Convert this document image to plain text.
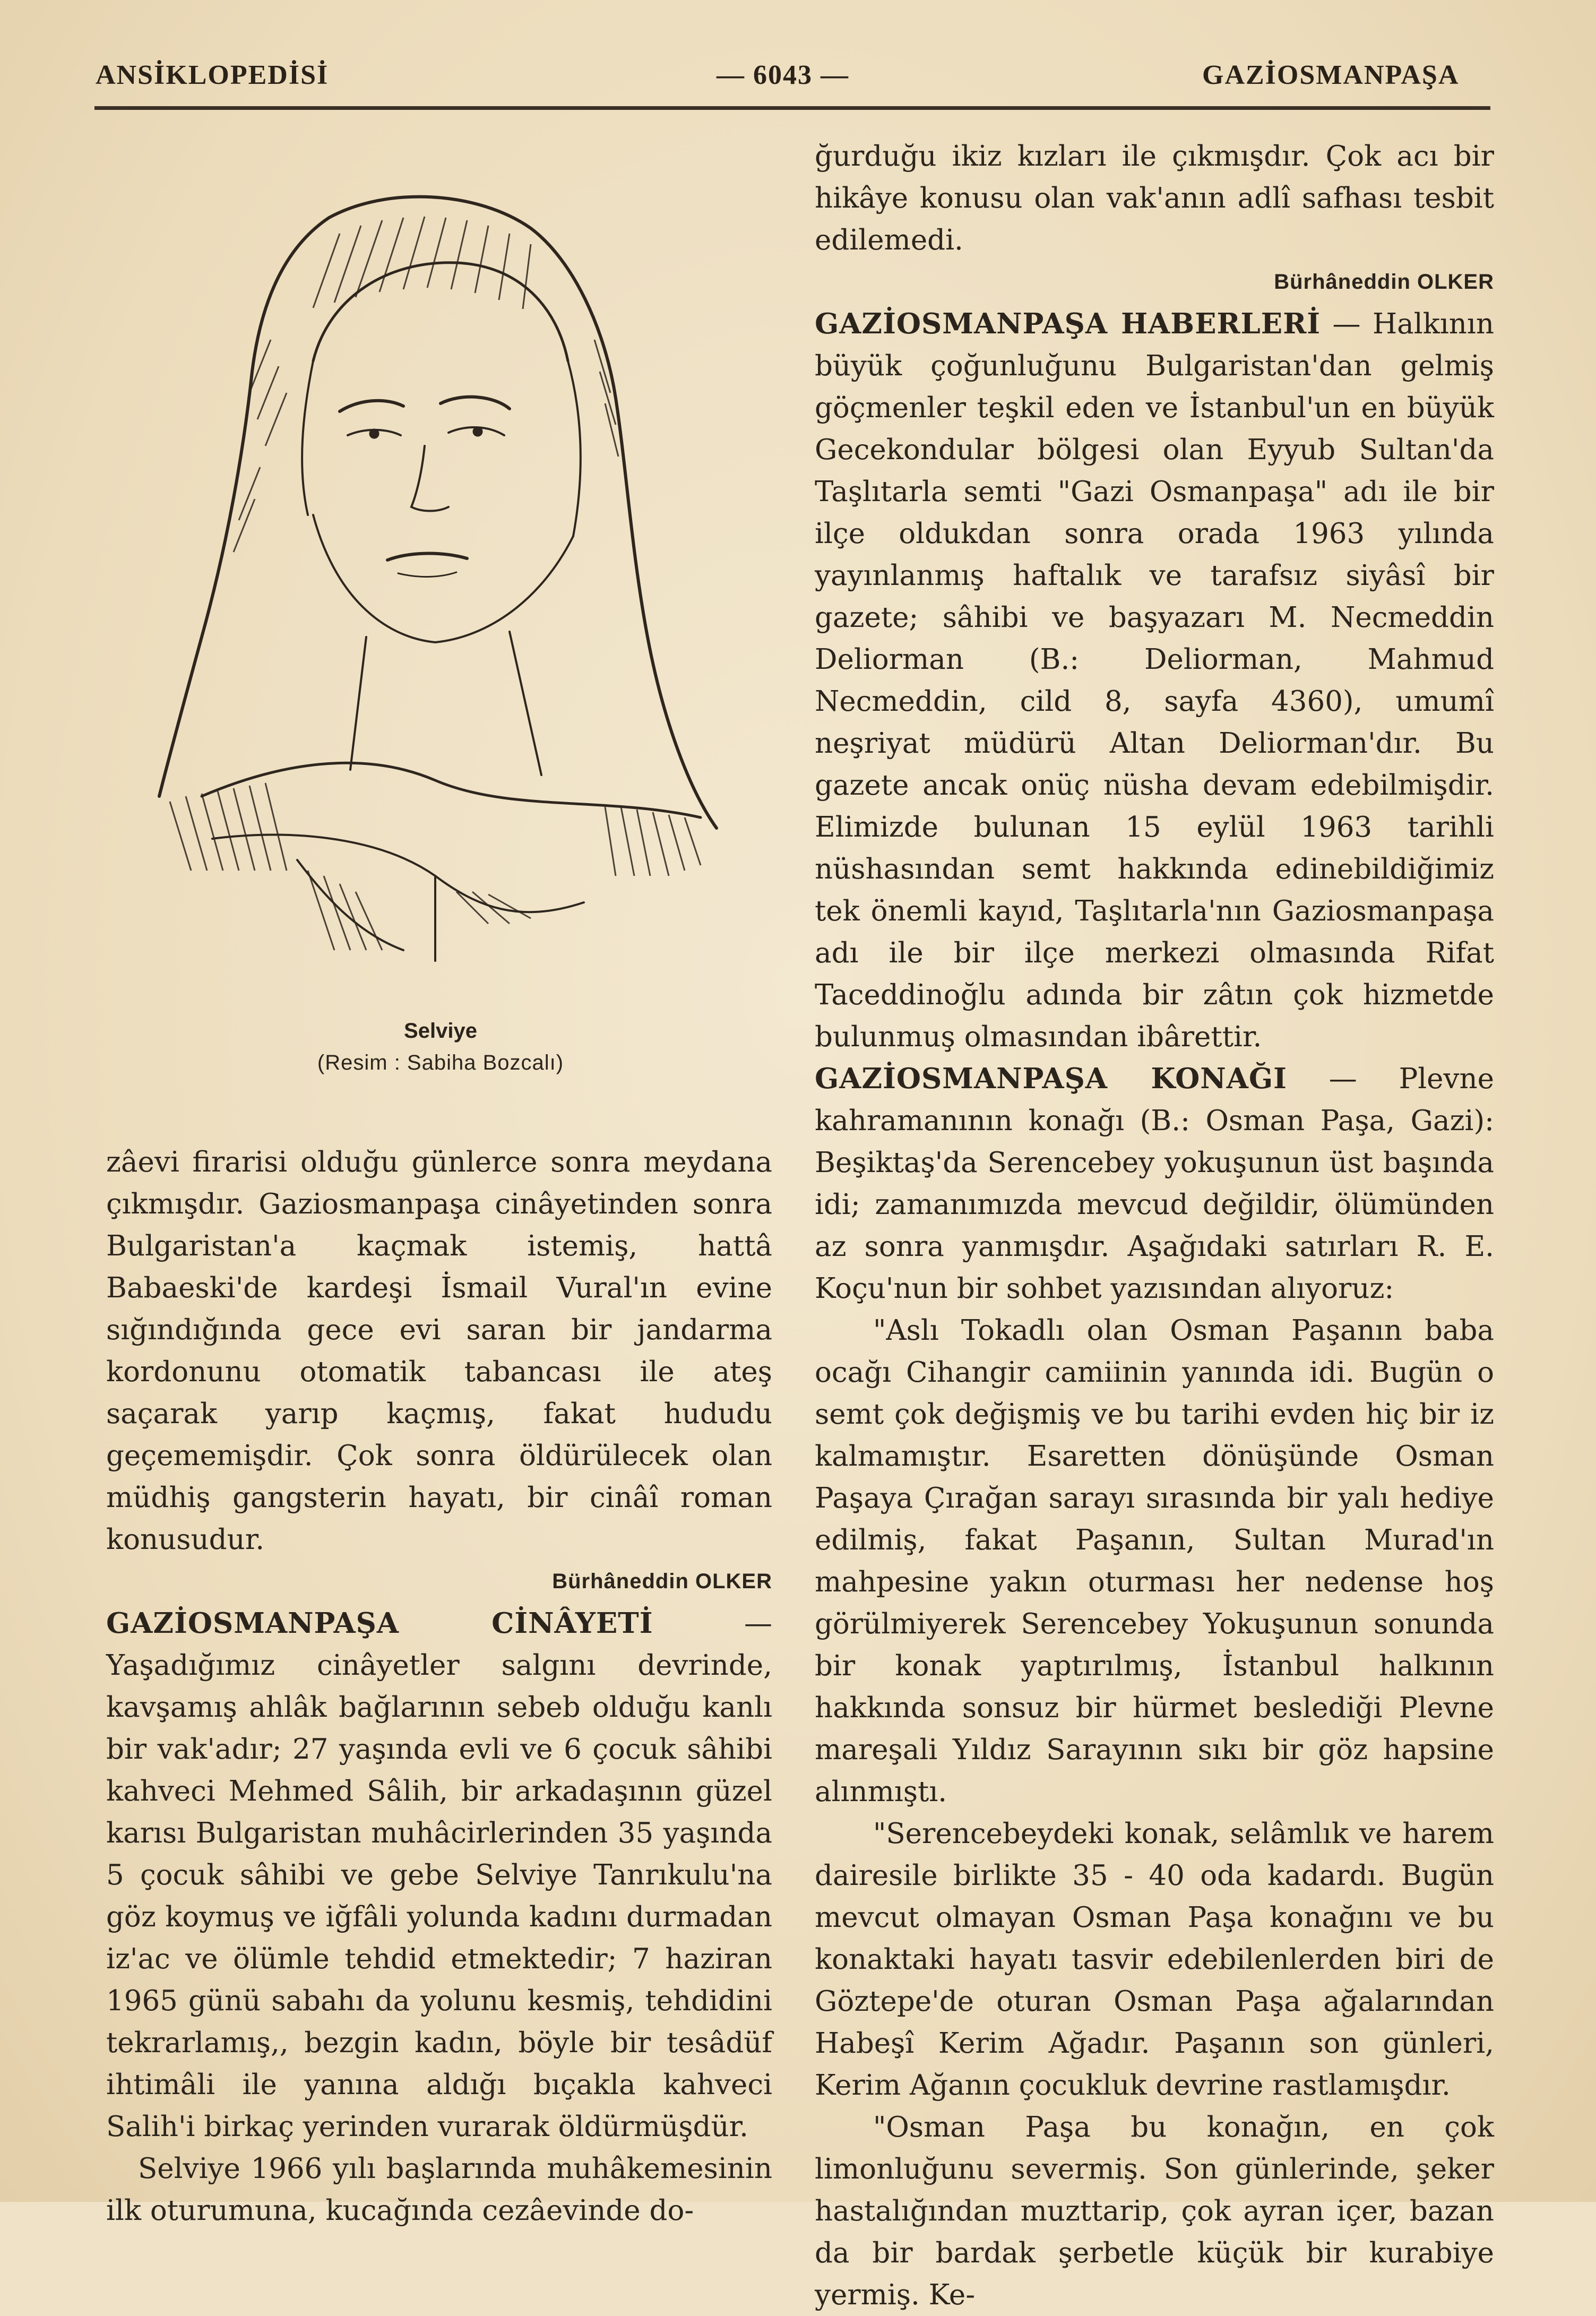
ANSİKLOPEDİSİ	— 6043 —	GAZİOSMANPAŞA
Selviye
(Resim : Sabiha Bozcalı)

zâevi firarisi olduğu günlerce sonra meydana çıkmışdır. Gaziosmanpaşa cinâyetinden sonra Bulgaristan'a kaçmak istemiş, hattâ Babaeski'de kardeşi İsmail Vural'ın evine sığındığında gece evi saran bir jandarma kordonunu otomatik tabancası ile ateş saçarak yarıp kaçmış, fakat hududu geçememişdir. Çok sonra öldürülecek olan müdhiş gangsterin hayatı, bir cinâî roman konusudur.

Bürhâneddin OLKER

GAZİOSMANPAŞA CİNÂYETİ — Yaşadığımız cinâyetler salgını devrinde, kavşamış ahlâk bağlarının sebeb olduğu kanlı bir vak'adır; 27 yaşında evli ve 6 çocuk sâhibi kahveci Mehmed Sâlih, bir arkadaşının güzel karısı Bulgaristan muhâcirlerinden 35 yaşında 5 çocuk sâhibi ve gebe Selviye Tanrıkulu'na göz koymuş ve iğfâli yolunda kadını durmadan iz'ac ve ölümle tehdid etmektedir; 7 haziran 1965 günü sabahı da yolunu kesmiş, tehdidini tekrarlamış,, bezgin kadın, böyle bir tesâdüf ihtimâli ile yanına aldığı bıçakla kahveci Salih'i birkaç yerinden vurarak öldürmüşdür.

Selviye 1966 yılı başlarında muhâkemesinin ilk oturumuna, kucağında cezâevinde do-

ğurduğu ikiz kızları ile çıkmışdır. Çok acı bir hikâye konusu olan vak'anın adlî safhası tesbit edilemedi.

Bürhâneddin OLKER

GAZİOSMANPAŞA HABERLERİ — Halkının büyük çoğunluğunu Bulgaristan'dan gelmiş göçmenler teşkil eden ve İstanbul'un en büyük Gecekondular bölgesi olan Eyyub Sultan'da Taşlıtarla semti "Gazi Osmanpaşa" adı ile bir ilçe oldukdan sonra orada 1963 yılında yayınlanmış haftalık ve tarafsız siyâsî bir gazete; sâhibi ve başyazarı M. Necmeddin Deliorman (B.: Deliorman, Mahmud Necmeddin, cild 8, sayfa 4360), umumî neşriyat müdürü Altan Deliorman'dır. Bu gazete ancak onüç nüsha devam edebilmişdir. Elimizde bulunan 15 eylül 1963 tarihli nüshasından semt hakkında edinebildiğimiz tek önemli kayıd, Taşlıtarla'nın Gaziosmanpaşa adı ile bir ilçe merkezi olmasında Rifat Taceddinoğlu adında bir zâtın çok hizmetde bulunmuş olmasından ibârettir.

GAZİOSMANPAŞA KONAĞI — Plevne kahramanının konağı (B.: Osman Paşa, Gazi): Beşiktaş'da Serencebey yokuşunun üst başında idi; zamanımızda mevcud değildir, ölümünden az sonra yanmışdır. Aşağıdaki satırları R. E. Koçu'nun bir sohbet yazısından alıyoruz:

"Aslı Tokadlı olan Osman Paşanın baba ocağı Cihangir camiinin yanında idi. Bugün o semt çok değişmiş ve bu tarihi evden hiç bir iz kalmamıştır. Esaretten dönüşünde Osman Paşaya Çırağan sarayı sırasında bir yalı hediye edilmiş, fakat Paşanın, Sultan Murad'ın mahpesine yakın oturması her nedense hoş görülmiyerek Serencebey Yokuşunun sonunda bir konak yaptırılmış, İstanbul halkının hakkında sonsuz bir hürmet beslediği Plevne mareşali Yıldız Sarayının sıkı bir göz hapsine alınmıştı.

"Serencebeydeki konak, selâmlık ve harem dairesile birlikte 35 - 40 oda kadardı. Bugün mevcut olmayan Osman Paşa konağını ve bu konaktaki hayatı tasvir edebilenlerden biri de Göztepe'de oturan Osman Paşa ağalarından Habeşî Kerim Ağadır. Paşanın son günleri, Kerim Ağanın çocukluk devrine rastlamışdır.

"Osman Paşa bu konağın, en çok limonluğunu severmiş. Son günlerinde, şeker hastalığından muzttarip, çok ayran içer, bazan da bir bardak şerbetle küçük bir kurabiye yermiş. Ke-
